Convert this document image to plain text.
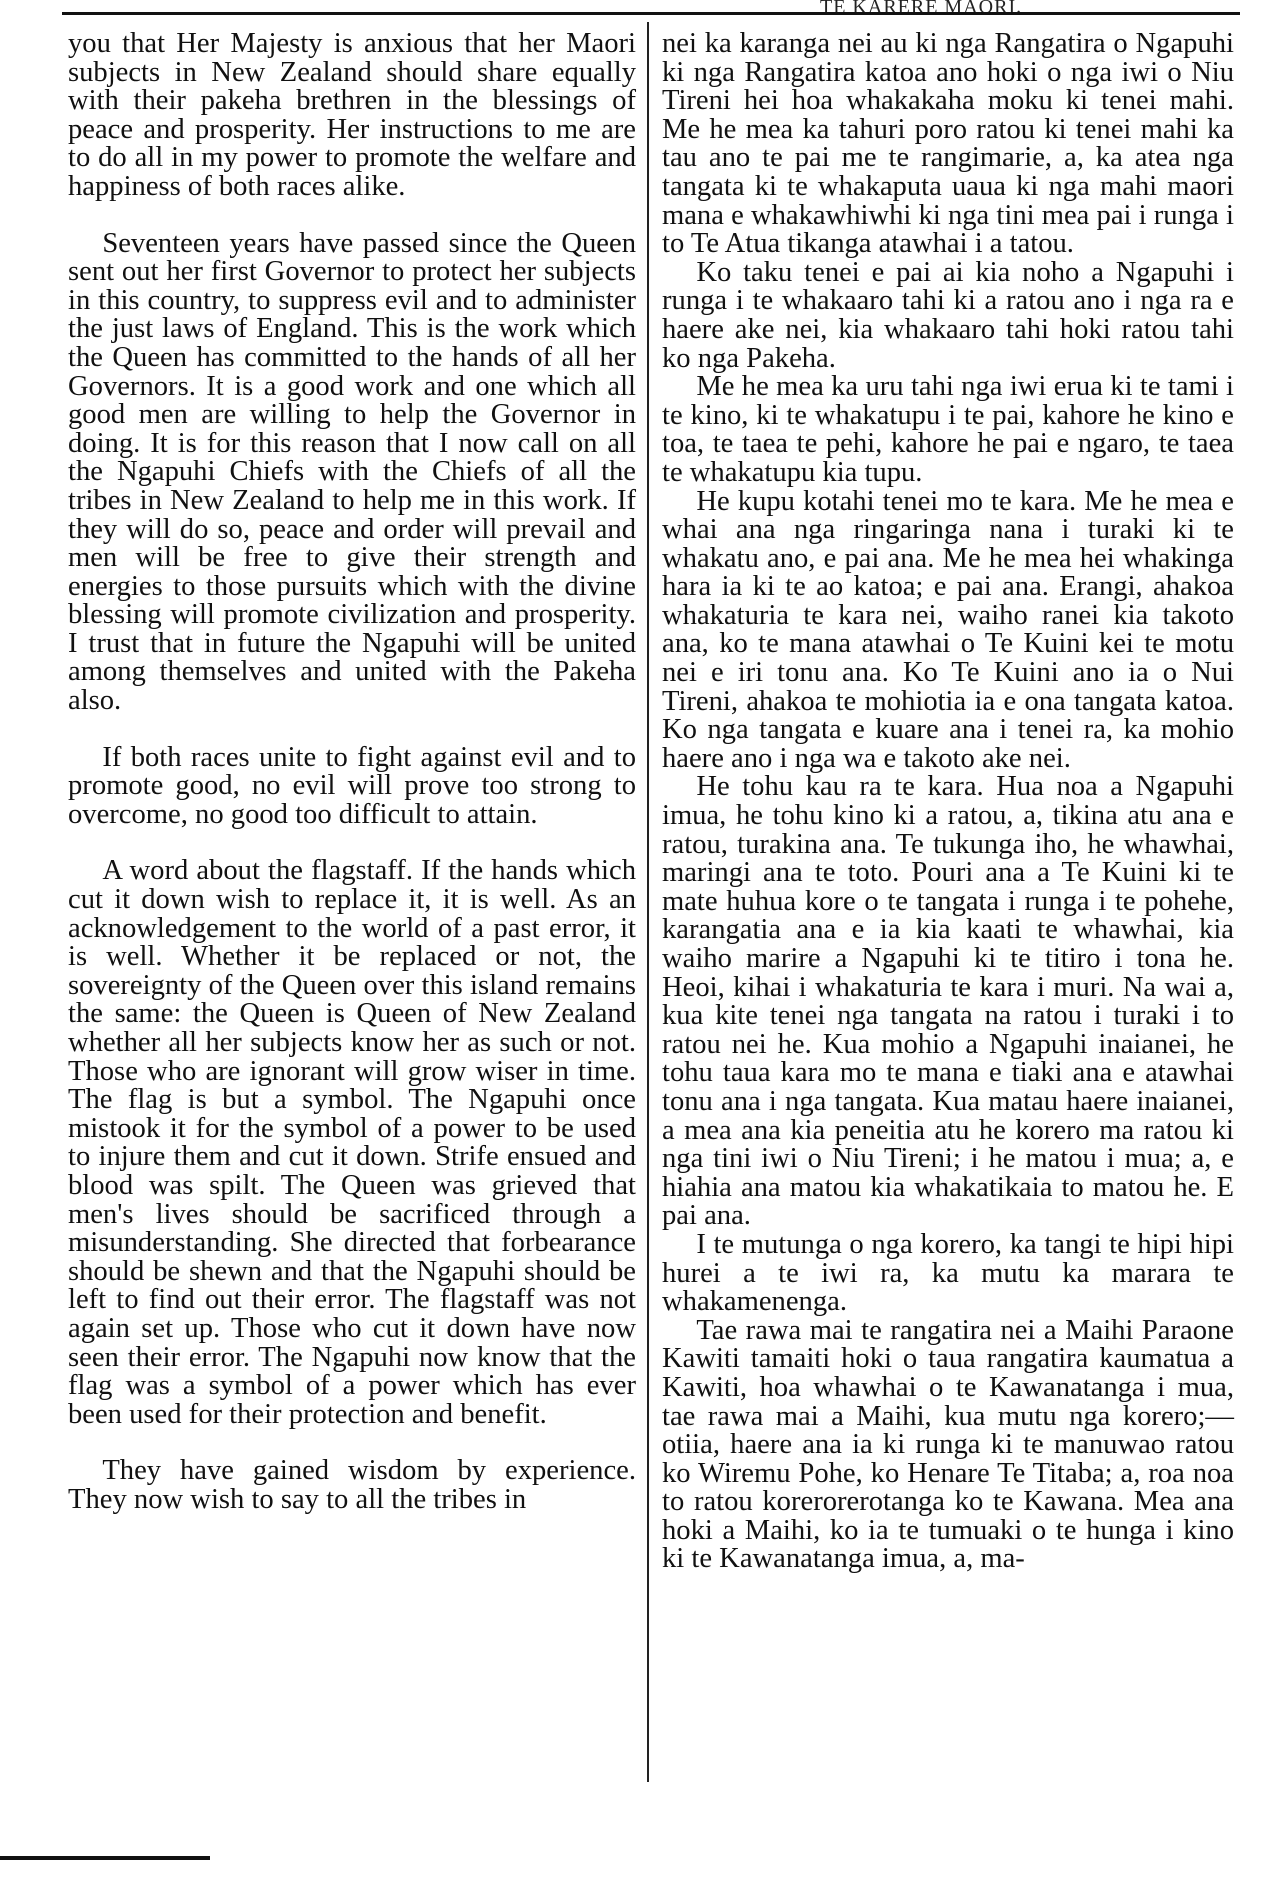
TE KARERE MAORI.

you that Her Majesty is anxious that her Maori subjects in New Zealand should share equally with their pakeha brethren in the blessings of peace and prosperity. Her instructions to me are to do all in my power to promote the welfare and happiness of both races alike.

Seventeen years have passed since the Queen sent out her first Governor to protect her subjects in this country, to suppress evil and to administer the just laws of England. This is the work which the Queen has committed to the hands of all her Governors. It is a good work and one which all good men are willing to help the Governor in doing. It is for this reason that I now call on all the Ngapuhi Chiefs with the Chiefs of all the tribes in New Zealand to help me in this work. If they will do so, peace and order will prevail and men will be free to give their strength and energies to those pursuits which with the divine blessing will promote civilization and prosperity. I trust that in future the Ngapuhi will be united among themselves and united with the Pakeha also.

If both races unite to fight against evil and to promote good, no evil will prove too strong to overcome, no good too difficult to attain.

A word about the flagstaff. If the hands which cut it down wish to replace it, it is well. As an acknowledgement to the world of a past error, it is well. Whether it be replaced or not, the sovereignty of the Queen over this island remains the same: the Queen is Queen of New Zealand whether all her subjects know her as such or not. Those who are ignorant will grow wiser in time. The flag is but a symbol. The Ngapuhi once mistook it for the symbol of a power to be used to injure them and cut it down. Strife ensued and blood was spilt. The Queen was grieved that men's lives should be sacrificed through a misunderstanding. She directed that forbearance should be shewn and that the Ngapuhi should be left to find out their error. The flagstaff was not again set up. Those who cut it down have now seen their error. The Ngapuhi now know that the flag was a symbol of a power which has ever been used for their protection and benefit.

They have gained wisdom by experience. They now wish to say to all the tribes in

nei ka karanga nei au ki nga Rangatira o Ngapuhi ki nga Rangatira katoa ano hoki o nga iwi o Niu Tireni hei hoa whakakaha moku ki tenei mahi. Me he mea ka tahuri poro ratou ki tenei mahi ka tau ano te pai me te rangimarie, a, ka atea nga tangata ki te whakaputa uaua ki nga mahi maori mana e whakawhiwhi ki nga tini mea pai i runga i to Te Atua tikanga atawhai i a tatou.

Ko taku tenei e pai ai kia noho a Ngapuhi i runga i te whakaaro tahi ki a ratou ano i nga ra e haere ake nei, kia whakaaro tahi hoki ratou tahi ko nga Pakeha.

Me he mea ka uru tahi nga iwi erua ki te tami i te kino, ki te whakatupu i te pai, kahore he kino e toa, te taea te pehi, kahore he pai e ngaro, te taea te whakatupu kia tupu.

He kupu kotahi tenei mo te kara. Me he mea e whai ana nga ringaringa nana i turaki ki te whakatu ano, e pai ana. Me he mea hei whakinga hara ia ki te ao katoa; e pai ana. Erangi, ahakoa whakaturia te kara nei, waiho ranei kia takoto ana, ko te mana atawhai o Te Kuini kei te motu nei e iri tonu ana. Ko Te Kuini ano ia o Nui Tireni, ahakoa te mohiotia ia e ona tangata katoa. Ko nga tangata e kuare ana i tenei ra, ka mohio haere ano i nga wa e takoto ake nei.

He tohu kau ra te kara. Hua noa a Ngapuhi imua, he tohu kino ki a ratou, a, tikina atu ana e ratou, turakina ana. Te tukunga iho, he whawhai, maringi ana te toto. Pouri ana a Te Kuini ki te mate huhua kore o te tangata i runga i te pohehe, karangatia ana e ia kia kaati te whawhai, kia waiho marire a Ngapuhi ki te titiro i tona he. Heoi, kihai i whakaturia te kara i muri. Na wai a, kua kite tenei nga tangata na ratou i turaki i to ratou nei he. Kua mohio a Ngapuhi inaianei, he tohu taua kara mo te mana e tiaki ana e atawhai tonu ana i nga tangata. Kua matau haere inaianei, a mea ana kia peneitia atu he korero ma ratou ki nga tini iwi o Niu Tireni; i he matou i mua; a, e hiahia ana matou kia whakatikaia to matou he. E pai ana.

I te mutunga o nga korero, ka tangi te hipi hipi hurei a te iwi ra, ka mutu ka marara te whakamenenga.

Tae rawa mai te rangatira nei a Maihi Paraone Kawiti tamaiti hoki o taua rangatira kaumatua a Kawiti, hoa whawhai o te Kawanatanga i mua, tae rawa mai a Maihi, kua mutu nga korero;—otiia, haere ana ia ki runga ki te manuwao ratou ko Wiremu Pohe, ko Henare Te Titaba; a, roa noa to ratou korerorerotanga ko te Kawana. Mea ana hoki a Maihi, ko ia te tumuaki o te hunga i kino ki te Kawanatanga imua, a, ma-
